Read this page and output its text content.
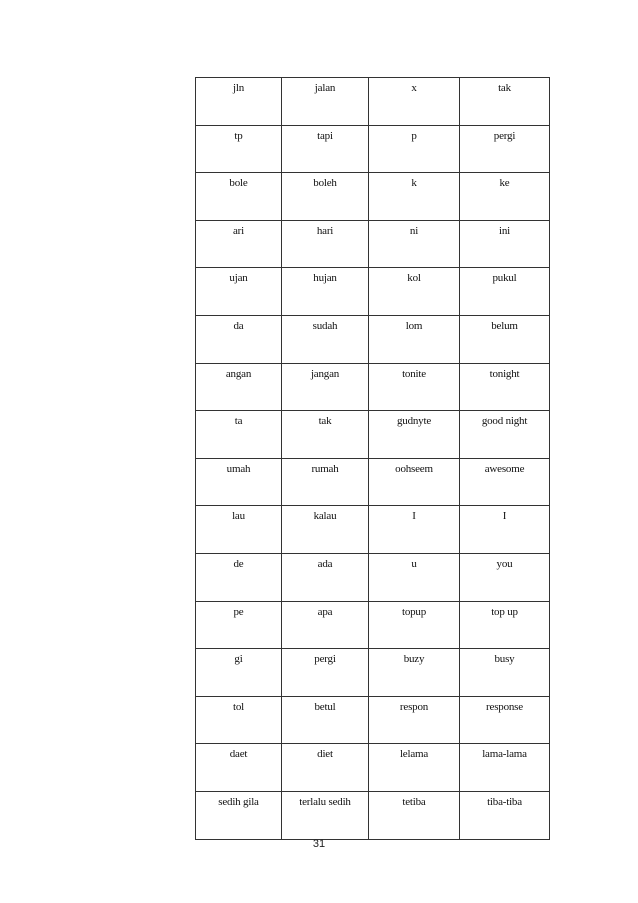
jln	jalan	x	tak
tp	tapi	p	pergi
bole	boleh	k	ke
ari	hari	ni	ini
ujan	hujan	kol	pukul
da	sudah	lom	belum
angan	jangan	tonite	tonight
ta	tak	gudnyte	good night
umah	rumah	oohseem	awesome
lau	kalau	I	I
de	ada	u	you
pe	apa	topup	top up
gi	pergi	buzy	busy
tol	betul	respon	response
daet	diet	lelama	lama-lama
sedih gila	terlalu sedih	tetiba	tiba-tiba
31
